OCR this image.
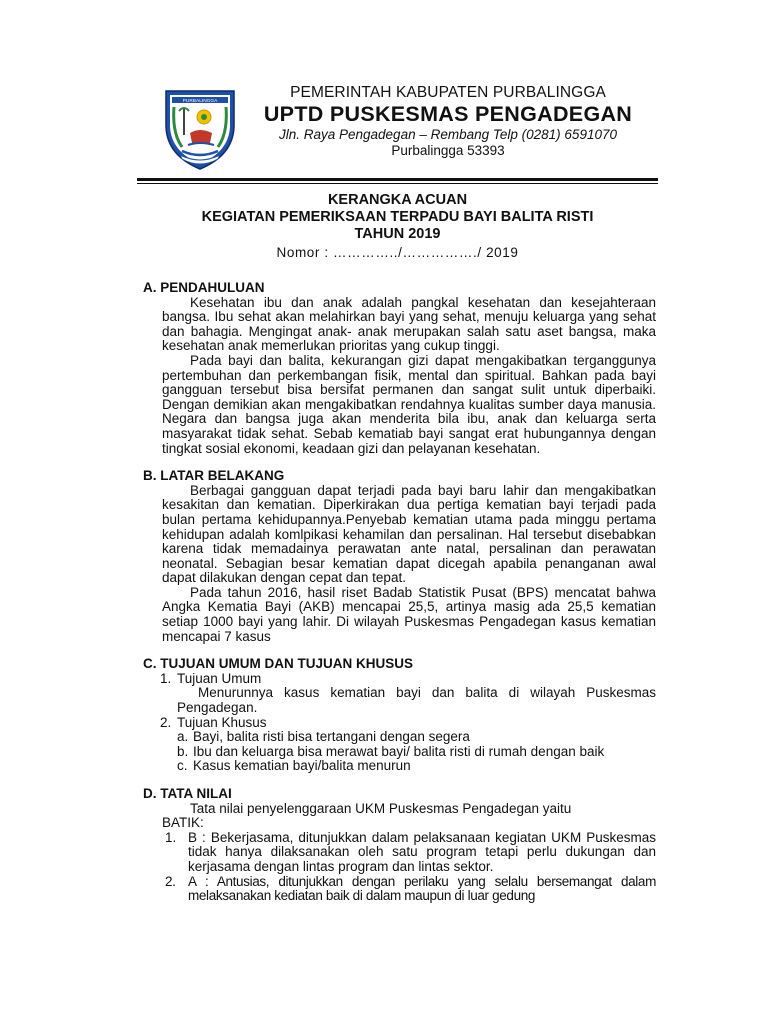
PURBALINGGA
PEMERINTAH KABUPATEN PURBALINGGA
UPTD PUSKESMAS PENGADEGAN
Jln. Raya Pengadegan – Rembang Telp (0281) 6591070
Purbalingga 53393
KERANGKA ACUAN
KEGIATAN PEMERIKSAAN TERPADU BAYI BALITA RISTI
TAHUN 2019
Nomor : …………../……………./ 2019
A. PENDAHULUAN
Kesehatan ibu dan anak adalah pangkal kesehatan dan kesejahteraan bangsa. Ibu sehat akan melahirkan bayi yang sehat, menuju keluarga yang sehat dan bahagia. Mengingat anak- anak merupakan salah satu aset bangsa, maka kesehatan anak memerlukan prioritas yang cukup tinggi.
Pada bayi dan balita, kekurangan gizi dapat mengakibatkan terganggunya pertembuhan dan perkembangan fisik, mental dan spiritual. Bahkan pada bayi gangguan tersebut bisa bersifat permanen dan sangat sulit untuk diperbaiki. Dengan demikian akan mengakibatkan rendahnya kualitas sumber daya manusia. Negara dan bangsa juga akan menderita bila ibu, anak dan keluarga serta masyarakat tidak sehat. Sebab kematiab bayi sangat erat hubungannya dengan tingkat sosial ekonomi, keadaan gizi dan pelayanan kesehatan.
B. LATAR BELAKANG
Berbagai gangguan dapat terjadi pada bayi baru lahir dan mengakibatkan kesakitan dan kematian. Diperkirakan dua pertiga kematian bayi terjadi pada bulan pertama kehidupannya.Penyebab kematian utama pada minggu pertama kehidupan adalah komlpikasi kehamilan dan persalinan. Hal tersebut disebabkan karena tidak memadainya perawatan ante natal, persalinan dan perawatan neonatal. Sebagian besar kematian dapat dicegah apabila penanganan awal dapat dilakukan dengan cepat dan tepat.
Pada tahun 2016, hasil riset Badab Statistik Pusat (BPS) mencatat bahwa Angka Kematia Bayi (AKB) mencapai 25,5, artinya masig ada 25,5 kematian setiap 1000 bayi yang lahir. Di wilayah Puskesmas Pengadegan kasus kematian mencapai 7 kasus
C. TUJUAN UMUM DAN TUJUAN KHUSUS
1. Tujuan Umum
Menurunnya kasus kematian bayi dan balita di wilayah Puskesmas Pengadegan.
2. Tujuan Khusus
a. Bayi, balita risti bisa tertangani dengan segera
b. Ibu dan keluarga bisa merawat bayi/ balita risti di rumah dengan baik
c. Kasus kematian bayi/balita menurun
D. TATA NILAI
Tata nilai penyelenggaraan UKM Puskesmas Pengadegan yaitu
BATIK:
1. B : Bekerjasama, ditunjukkan dalam pelaksanaan kegiatan UKM Puskesmas tidak hanya dilaksanakan oleh satu program tetapi perlu dukungan dan kerjasama dengan lintas program dan lintas sektor.
2. A : Antusias, ditunjukkan dengan perilaku yang selalu bersemangat dalam melaksanakan kediatan baik di dalam maupun di luar gedung
